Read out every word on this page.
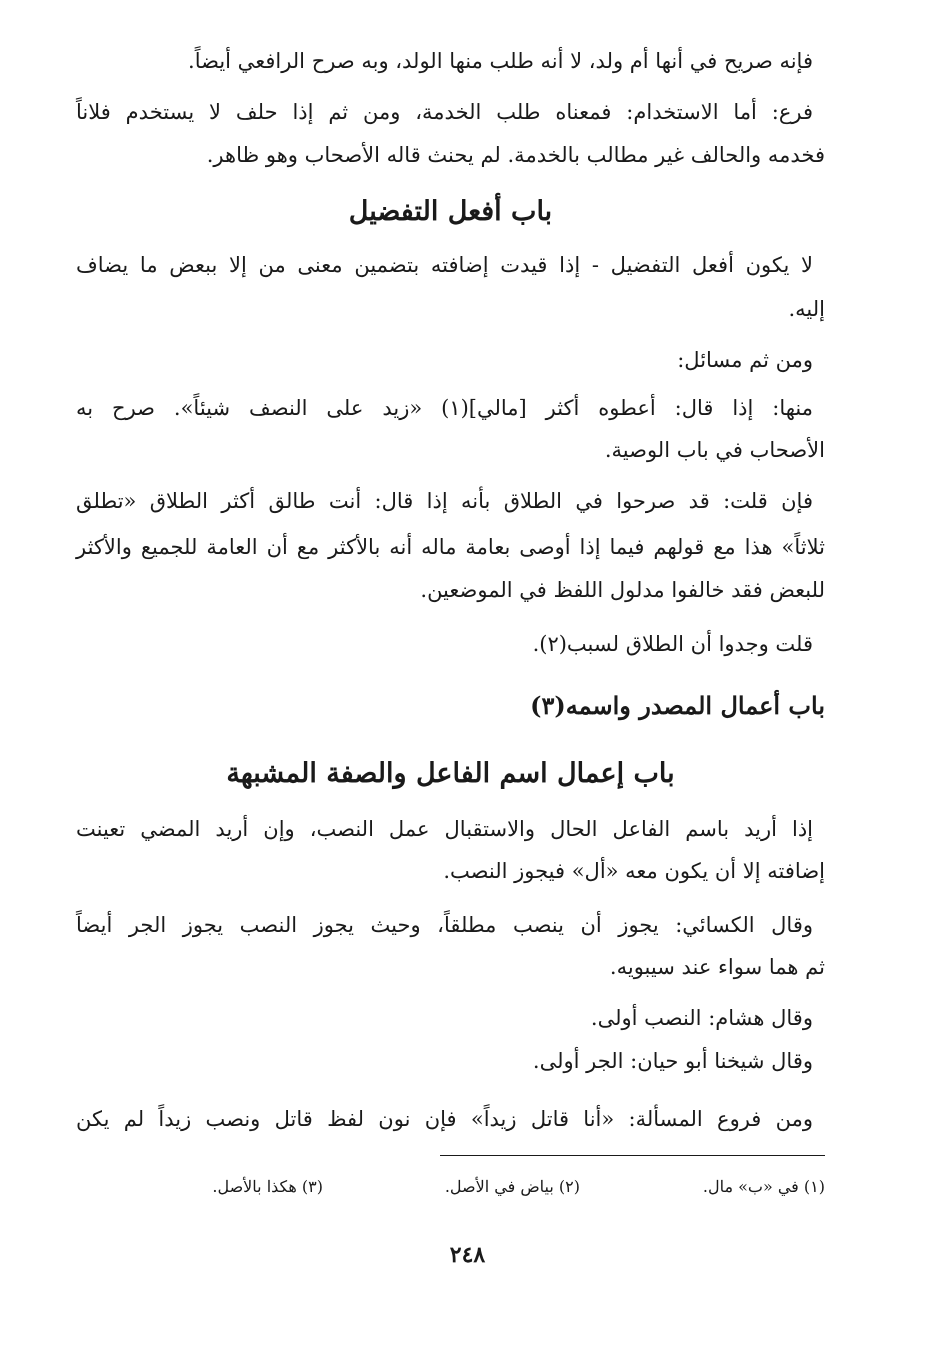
فإنه صريح في أنها أم ولد، لا أنه طلب منها الولد، وبه صرح الرافعي أيضاً.
فرع: أما الاستخدام: فمعناه طلب الخدمة، ومن ثم إذا حلف لا يستخدم فلاناً
فخدمه والحالف غير مطالب بالخدمة. لم يحنث قاله الأصحاب وهو ظاهر.
باب أفعل التفضيل
لا يكون أفعل التفضيل - إذا قيدت إضافته بتضمين معنى من إلا ببعض ما يضاف
إليه.
ومن ثم مسائل:
منها: إذا قال: أعطوه أكثر [مالي](١) «زيد على النصف شيئاً». صرح به
الأصحاب في باب الوصية.
فإن قلت: قد صرحوا في الطلاق بأنه إذا قال: أنت طالق أكثر الطلاق «تطلق
ثلاثاً» هذا مع قولهم فيما إذا أوصى بعامة ماله أنه بالأكثر مع أن العامة للجميع والأكثر
للبعض فقد خالفوا مدلول اللفظ في الموضعين.
قلت وجدوا أن الطلاق لسبب(٢).
باب أعمال المصدر واسمه(٣)
باب إعمال اسم الفاعل والصفة المشبهة
إذا أريد باسم الفاعل الحال والاستقبال عمل النصب، وإن أريد المضي تعينت
إضافته إلا أن يكون معه «أل» فيجوز النصب.
وقال الكسائي: يجوز أن ينصب مطلقاً، وحيث يجوز النصب يجوز الجر أيضاً
ثم هما سواء عند سيبويه.
وقال هشام: النصب أولى.
وقال شيخنا أبو حيان: الجر أولى.
ومن فروع المسألة: «أنا قاتل زيداً» فإن نون لفظ قاتل ونصب زيداً لم يكن
(١) في «ب» مال.
(٢) بياض في الأصل.
(٣) هكذا بالأصل.
٢٤٨
